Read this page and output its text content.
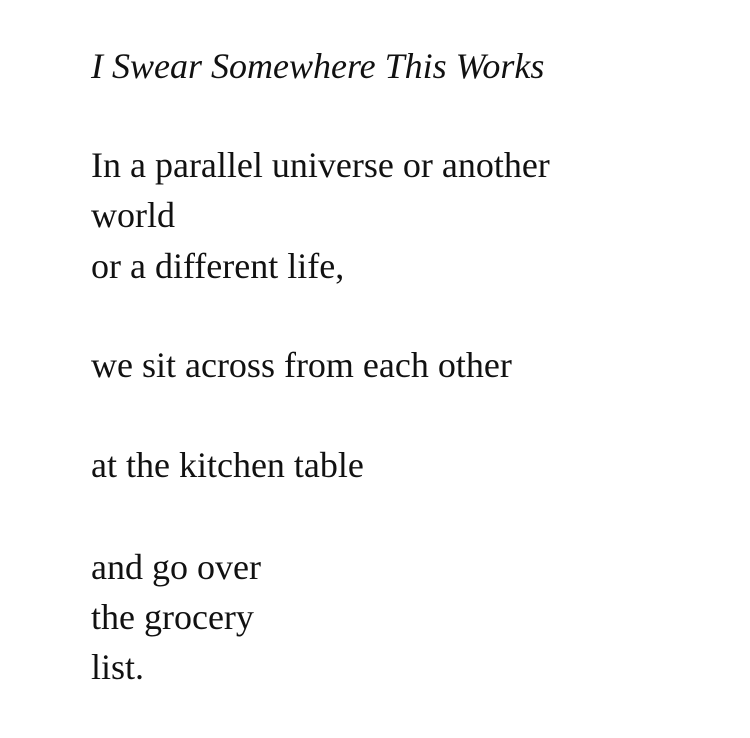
I Swear Somewhere This Works
In a parallel universe or another
world
or a different life,
we sit across from each other
at the kitchen table
and go over
the grocery
list.
